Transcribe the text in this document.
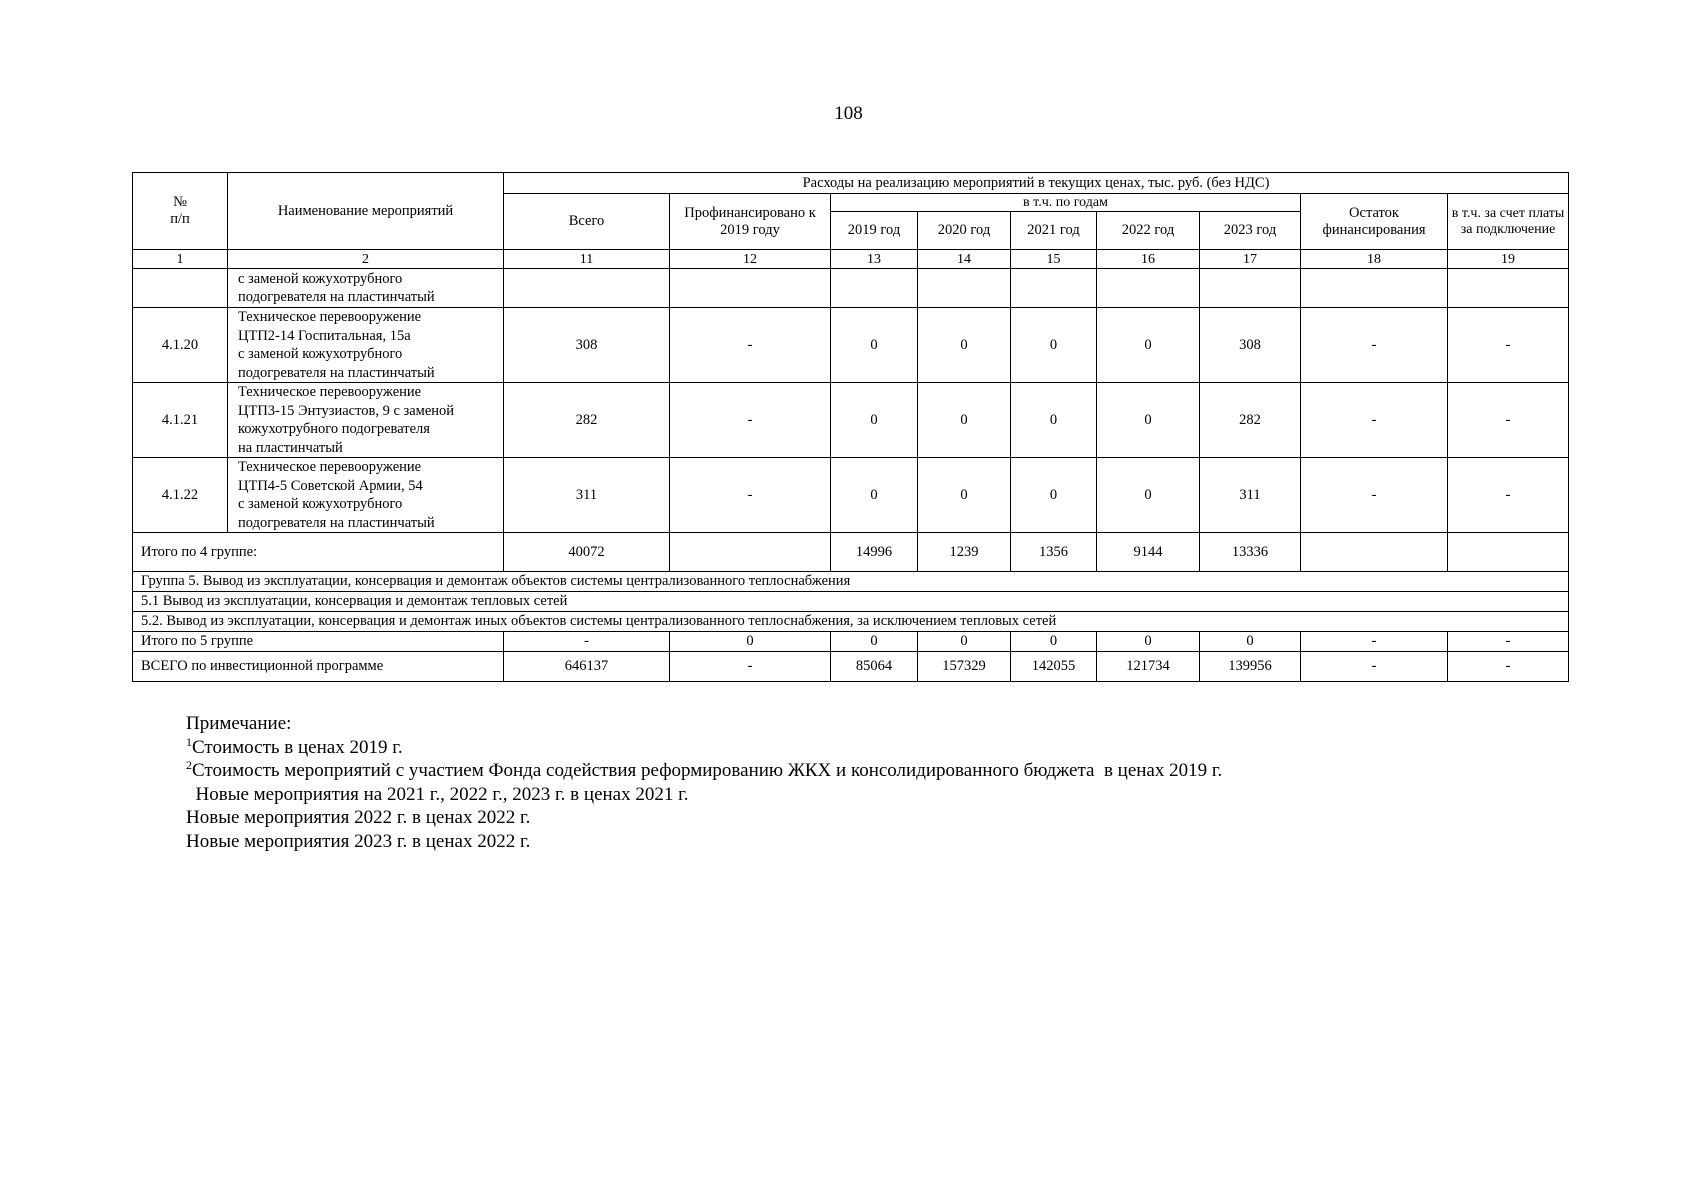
108
№
п/п	Наименование мероприятий	Расходы на реализацию мероприятий в текущих ценах, тыс. руб. (без НДС)								
		Всего	Профинансировано к 2019 году	в т.ч. по годам					Остаток финансирования	в т.ч. за счет платы за подключение
				2019 год	2020 год	2021 год	2022 год	2023 год		
1	2	11	12	13	14	15	16	17	18	19
	с заменой кожухотрубного
подогревателя на пластинчатый									
4.1.20	Техническое перевооружение
ЦТП2-14 Госпитальная, 15а
с заменой кожухотрубного
подогревателя на пластинчатый	308	-	0	0	0	0	308	-	-
4.1.21	Техническое перевооружение
ЦТП3-15 Энтузиастов, 9 с заменой
кожухотрубного подогревателя
на пластинчатый	282	-	0	0	0	0	282	-	-
4.1.22	Техническое перевооружение
ЦТП4-5 Советской Армии, 54
с заменой кожухотрубного
подогревателя на пластинчатый	311	-	0	0	0	0	311	-	-
Итого по 4 группе:		40072		14996	1239	1356	9144	13336		
Группа 5. Вывод из эксплуатации, консервация и демонтаж объектов системы централизованного теплоснабжения										
5.1 Вывод из эксплуатации, консервация и демонтаж тепловых сетей										
5.2. Вывод из эксплуатации, консервация и демонтаж иных объектов системы централизованного теплоснабжения, за исключением тепловых сетей										
Итого по 5 группе		-	0	0	0	0	0	0	-	-
ВСЕГО по инвестиционной программе		646137	-	85064	157329	142055	121734	139956	-	-
Примечание:
$^1$Стоимость в ценах 2019 г.
$^2$Стоимость мероприятий с участием Фонда содействия реформированию ЖКХ и консолидированного бюджета  в ценах 2019 г.
Новые мероприятия на 2021 г., 2022 г., 2023 г. в ценах 2021 г.
Новые мероприятия 2022 г. в ценах 2022 г.
Новые мероприятия 2023 г. в ценах 2022 г.
